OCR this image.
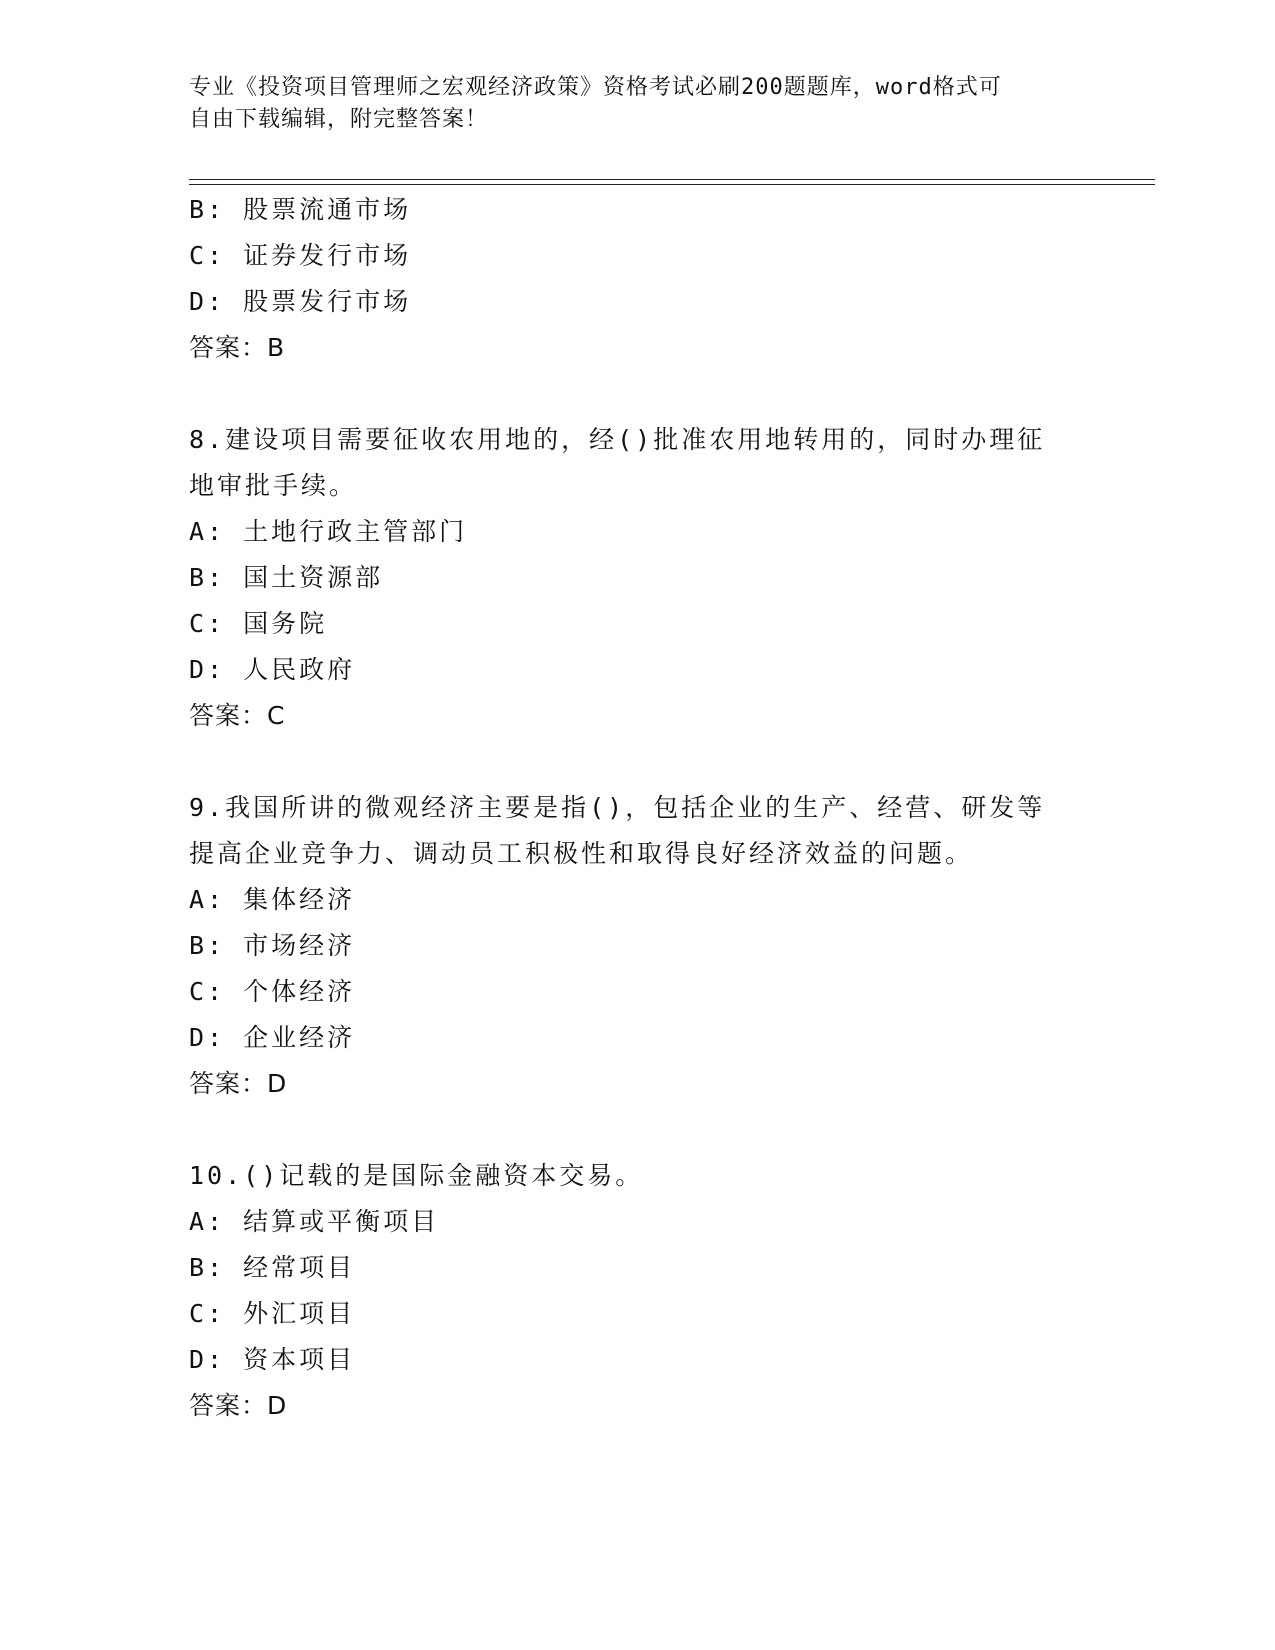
专业《投资项目管理师之宏观经济政策》资格考试必刷200题题库，word格式可
自由下载编辑，附完整答案！
B: 股票流通市场
C: 证券发行市场
D: 股票发行市场
答案：B
8.建设项目需要征收农用地的，经()批准农用地转用的，同时办理征
地审批手续。
A: 土地行政主管部门
B: 国土资源部
C: 国务院
D: 人民政府
答案：C
9.我国所讲的微观经济主要是指()，包括企业的生产、经营、研发等
提高企业竞争力、调动员工积极性和取得良好经济效益的问题。
A: 集体经济
B: 市场经济
C: 个体经济
D: 企业经济
答案：D
10.()记载的是国际金融资本交易。
A: 结算或平衡项目
B: 经常项目
C: 外汇项目
D: 资本项目
答案：D
